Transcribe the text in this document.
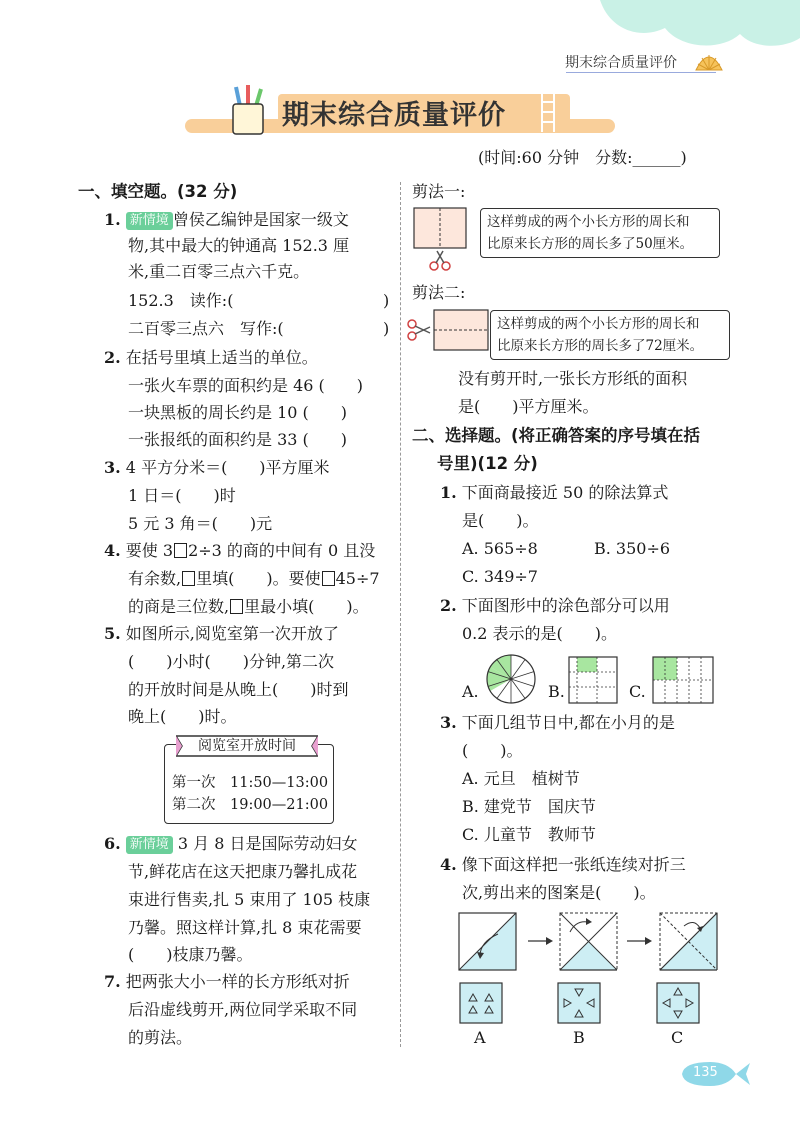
期末综合质量评价
期末综合质量评价
(时间:60 分钟　分数:______)
一、填空题。(32 分)
1. 新情境 曾侯乙编钟是国家一级文
物,其中最大的钟通高 152.3 厘
米,重二百零三点六千克。
152.3　读作:(	)
二百零三点六　写作:(	)
2. 在括号里填上适当的单位。
一张火车票的面积约是 46 (　　)
一块黑板的周长约是 10 (　　)
一张报纸的面积约是 33 (　　)
3. 4 平方分米＝(　　)平方厘米
1 日＝(　　)时
5 元 3 角＝(　　)元
4. 要使 3 2÷3 的商的中间有 0 且没
有余数, 里填(　　)。要使 45÷7
的商是三位数, 里最小填(　　)。
5. 如图所示,阅览室第一次开放了
(　　)小时(　　)分钟,第二次
的开放时间是从晚上(　　)时到
晚上(　　)时。
阅览室开放时间
第一次　 11:50—13:00
第二次　 19:00—21:00
6. 新情境 3 月 8 日是国际劳动妇女
节,鲜花店在这天把康乃馨扎成花
束进行售卖,扎 5 束用了 105 枝康
乃馨。照这样计算,扎 8 束花需要
(　　)枝康乃馨。
7. 把两张大小一样的长方形纸对折
后沿虚线剪开,两位同学采取不同
的剪法。
剪法一:
这样剪成的两个小长方形的周长和
比原来长方形的周长多了50厘米。
剪法二:
这样剪成的两个小长方形的周长和
比原来长方形的周长多了72厘米。
没有剪开时,一张长方形纸的面积
是(　　)平方厘米。
二、选择题。(将正确答案的序号填在括
号里)(12 分)
1. 下面商最接近 50 的除法算式
是(　　)。
A. 565÷8	B. 350÷6
C. 349÷7
2. 下面图形中的涂色部分可以用
0.2 表示的是(　　)。
A.	B.	C.
3. 下面几组节日中,都在小月的是
(　　)。
A. 元旦　植树节
B. 建党节　国庆节
C. 儿童节　教师节
4. 像下面这样把一张纸连续对折三
次,剪出来的图案是(　　)。
A	B	C
135
